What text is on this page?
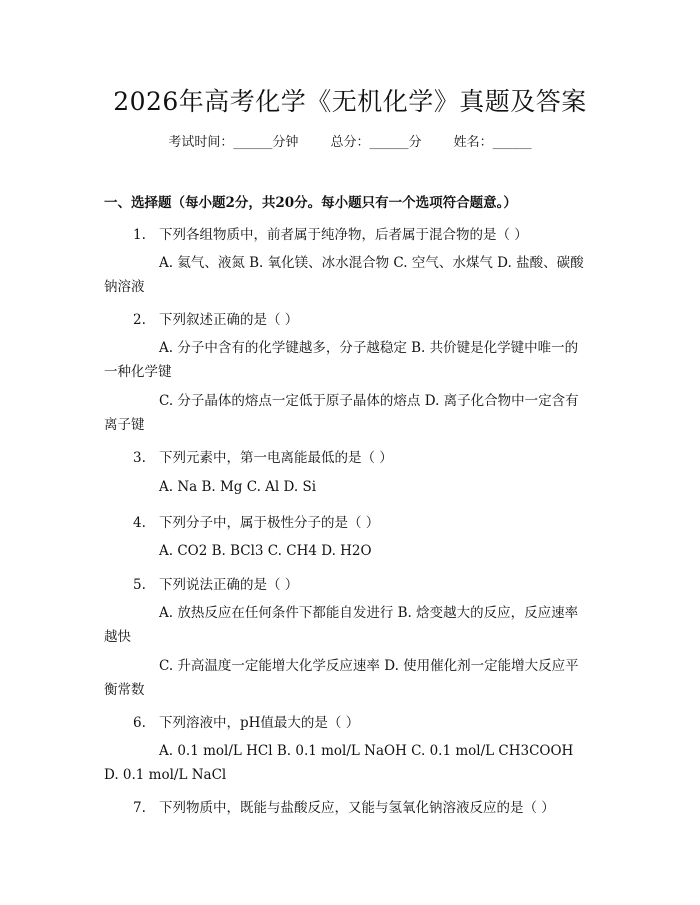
2026年高考化学《无机化学》真题及答案
考试时间：______分钟 总分：______分 姓名：______
一、选择题（每小题2分，共20分。每小题只有一个选项符合题意。）
1. 下列各组物质中，前者属于纯净物，后者属于混合物的是（ ）
A. 氦气、液氮 B. 氧化镁、冰水混合物 C. 空气、水煤气 D. 盐酸、碳酸钠溶液
2. 下列叙述正确的是（ ）
A. 分子中含有的化学键越多，分子越稳定 B. 共价键是化学键中唯一的一种化学键
C. 分子晶体的熔点一定低于原子晶体的熔点 D. 离子化合物中一定含有离子键
3. 下列元素中，第一电离能最低的是（ ）
A. Na B. Mg C. Al D. Si
4. 下列分子中，属于极性分子的是（ ）
A. CO2 B. BCl3 C. CH4 D. H2O
5. 下列说法正确的是（ ）
A. 放热反应在任何条件下都能自发进行 B. 焓变越大的反应，反应速率越快
C. 升高温度一定能增大化学反应速率 D. 使用催化剂一定能增大反应平衡常数
6. 下列溶液中，pH值最大的是（ ）
A. 0.1 mol/L HCl B. 0.1 mol/L NaOH C. 0.1 mol/L CH3COOH D. 0.1 mol/L NaCl
7. 下列物质中，既能与盐酸反应，又能与氢氧化钠溶液反应的是（ ）
